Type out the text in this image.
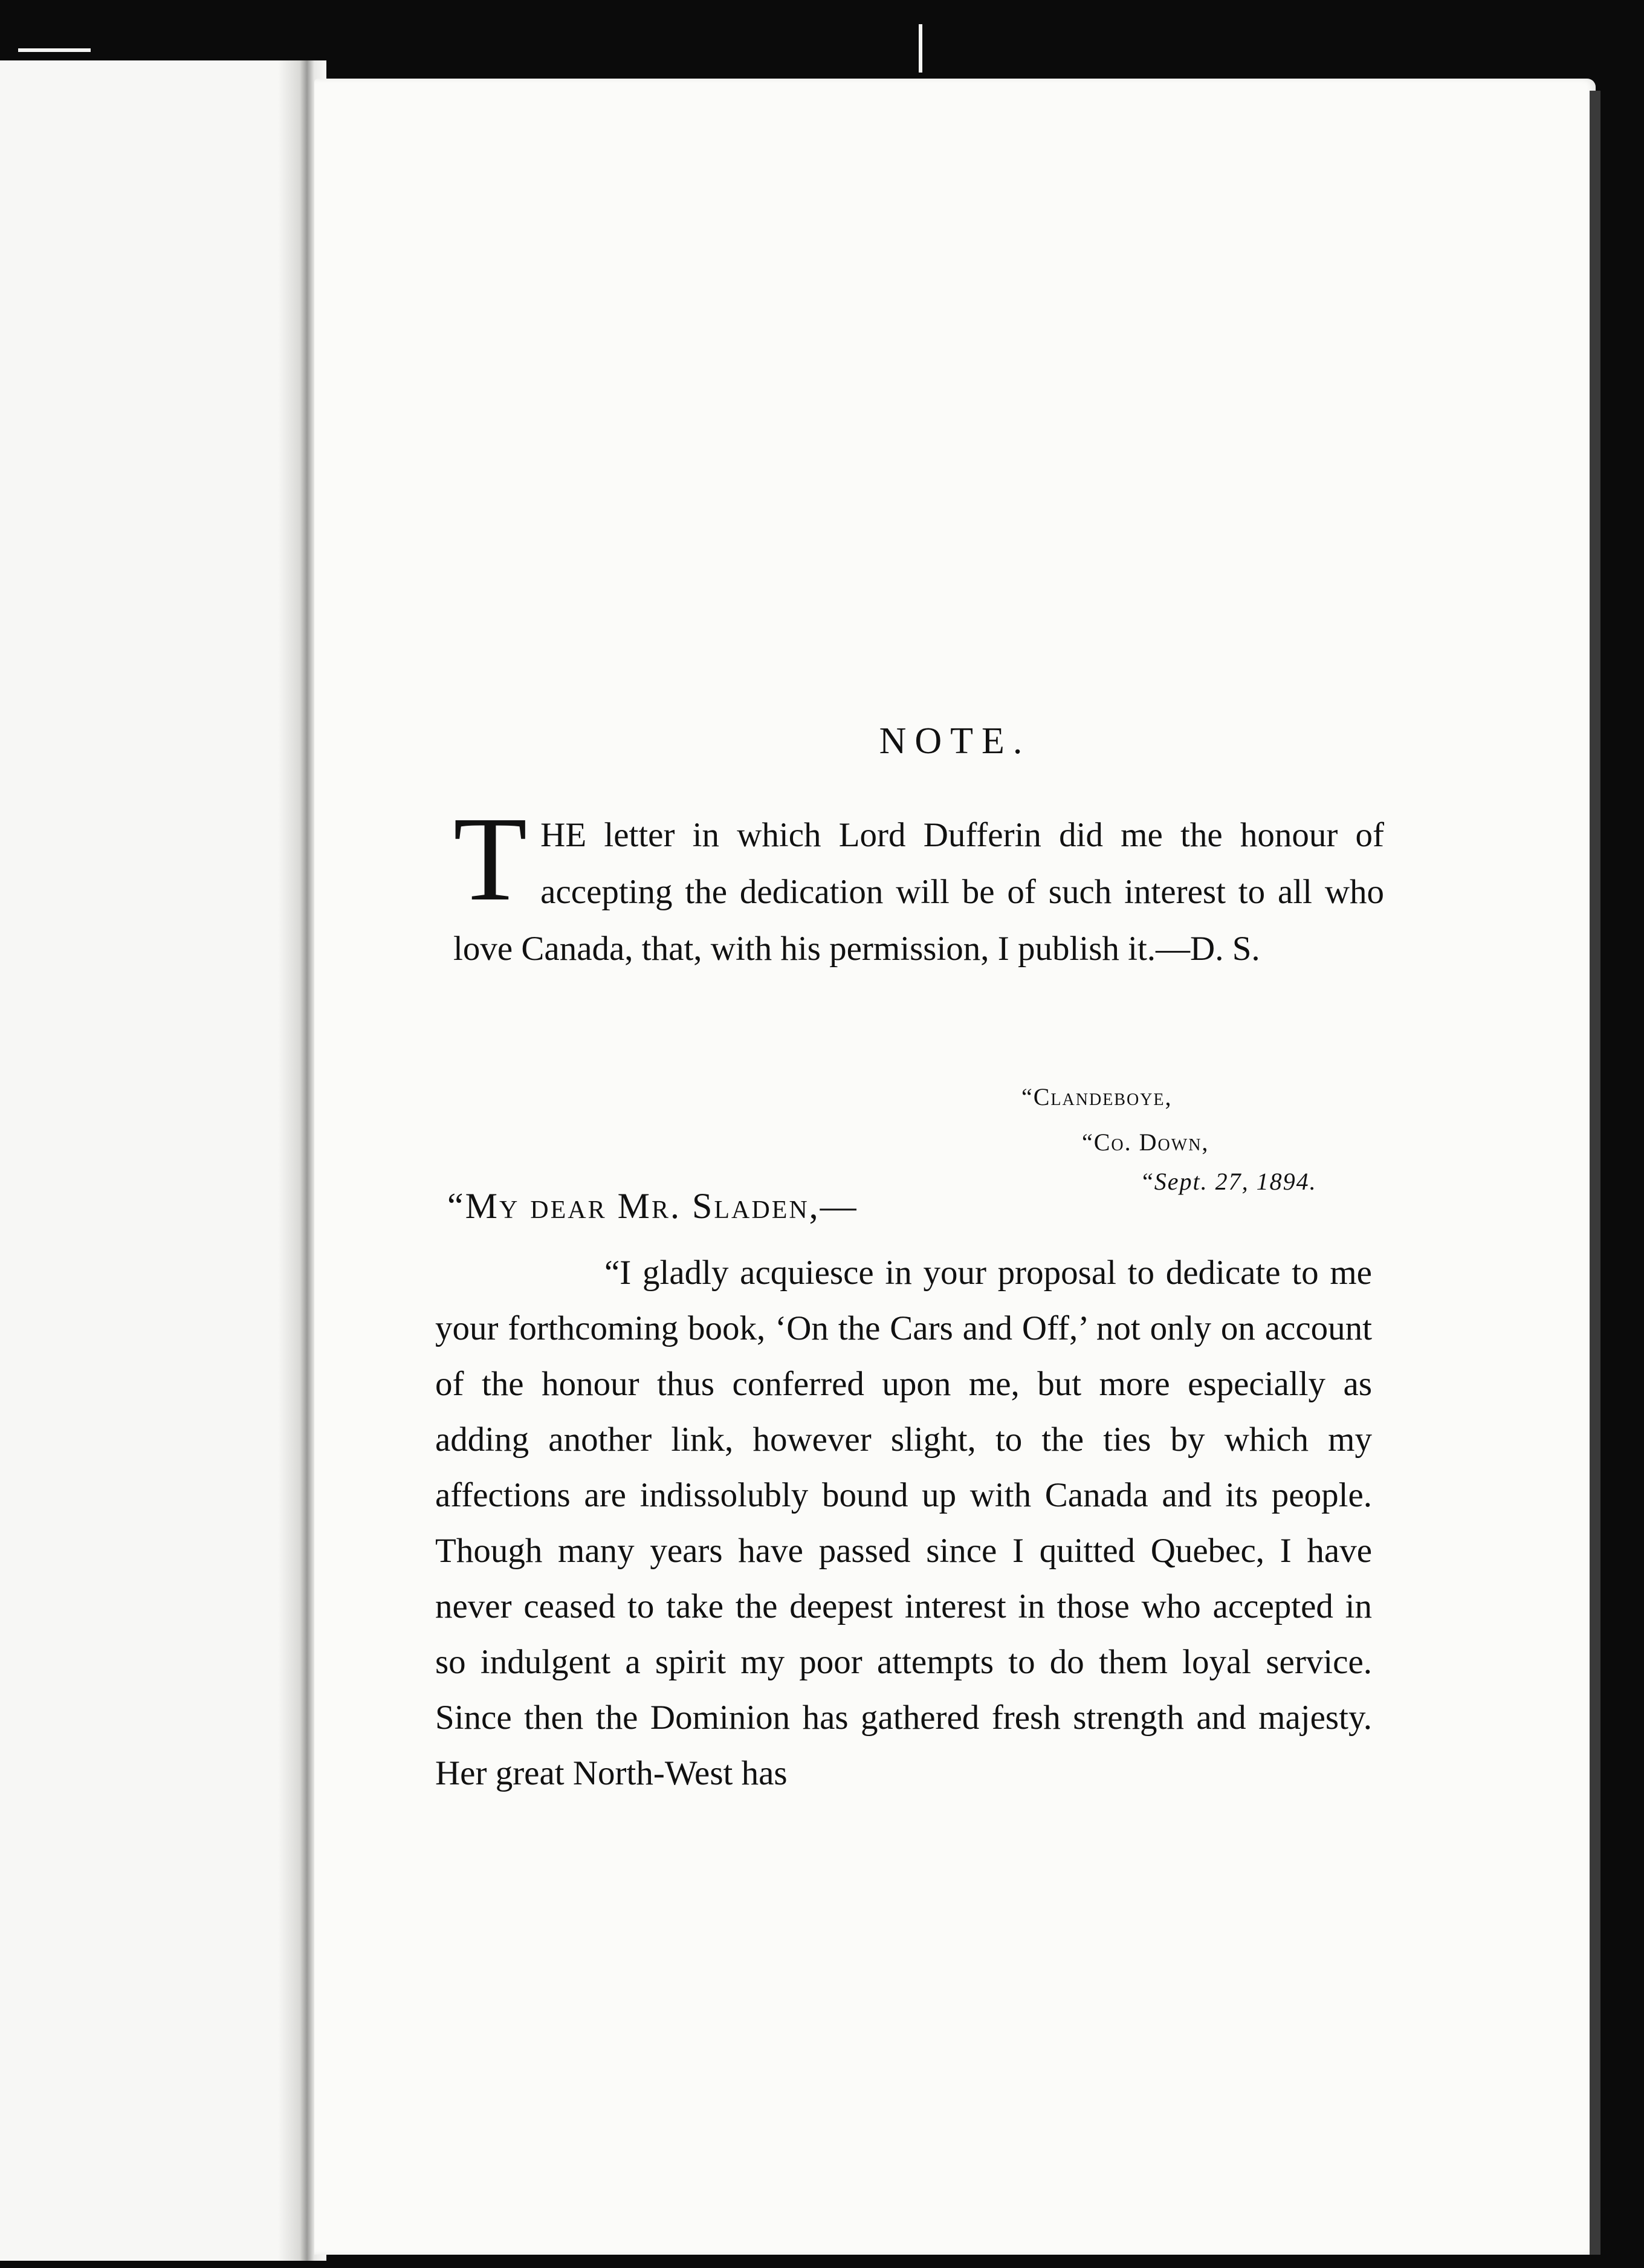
NOTE.
THE letter in which Lord Dufferin did me the honour of accepting the dedication will be of such interest to all who love Canada, that, with his permission, I publish it.—D. S.
“Clandeboye,
“Co. Down,
“Sept. 27, 1894.
“My dear Mr. Sladen,—
“I gladly acquiesce in your proposal to dedicate to me your forthcoming book, ‘On the Cars and Off,’ not only on account of the honour thus conferred upon me, but more especially as adding another link, however slight, to the ties by which my affections are indissolubly bound up with Canada and its people. Though many years have passed since I quitted Quebec, I have never ceased to take the deepest interest in those who accepted in so indulgent a spirit my poor attempts to do them loyal service. Since then the Dominion has gathered fresh strength and majesty. Her great North-West has
